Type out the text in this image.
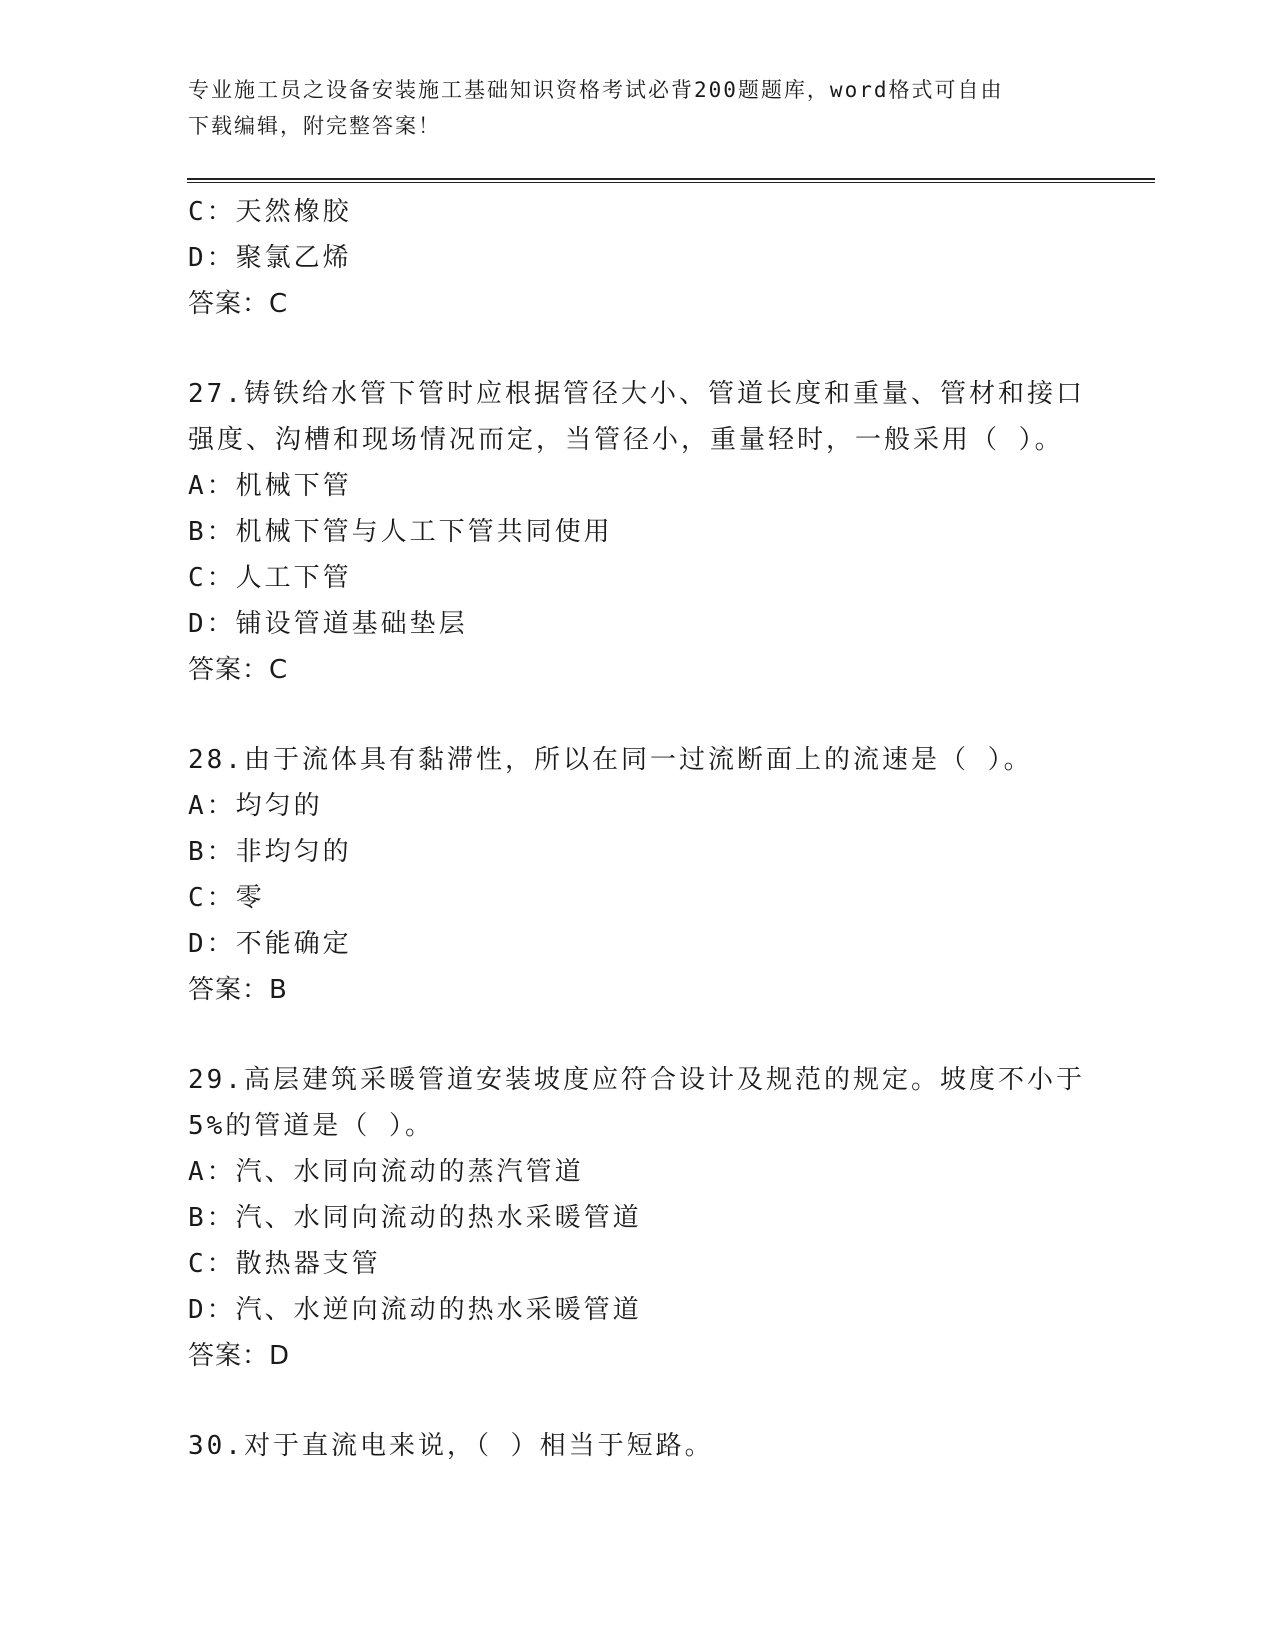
专业施工员之设备安装施工基础知识资格考试必背200题题库，word格式可自由
下载编辑，附完整答案！
C：天然橡胶
D：聚氯乙烯
答案：C
27.铸铁给水管下管时应根据管径大小、管道长度和重量、管材和接口
强度、沟槽和现场情况而定，当管径小，重量轻时，一般采用（ ）。
A：机械下管
B：机械下管与人工下管共同使用
C：人工下管
D：铺设管道基础垫层
答案：C
28.由于流体具有黏滞性，所以在同一过流断面上的流速是（ ）。
A：均匀的
B：非均匀的
C：零
D：不能确定
答案：B
29.高层建筑采暖管道安装坡度应符合设计及规范的规定。坡度不小于
5%的管道是（ ）。
A：汽、水同向流动的蒸汽管道
B：汽、水同向流动的热水采暖管道
C：散热器支管
D：汽、水逆向流动的热水采暖管道
答案：D
30.对于直流电来说，（ ）相当于短路。
